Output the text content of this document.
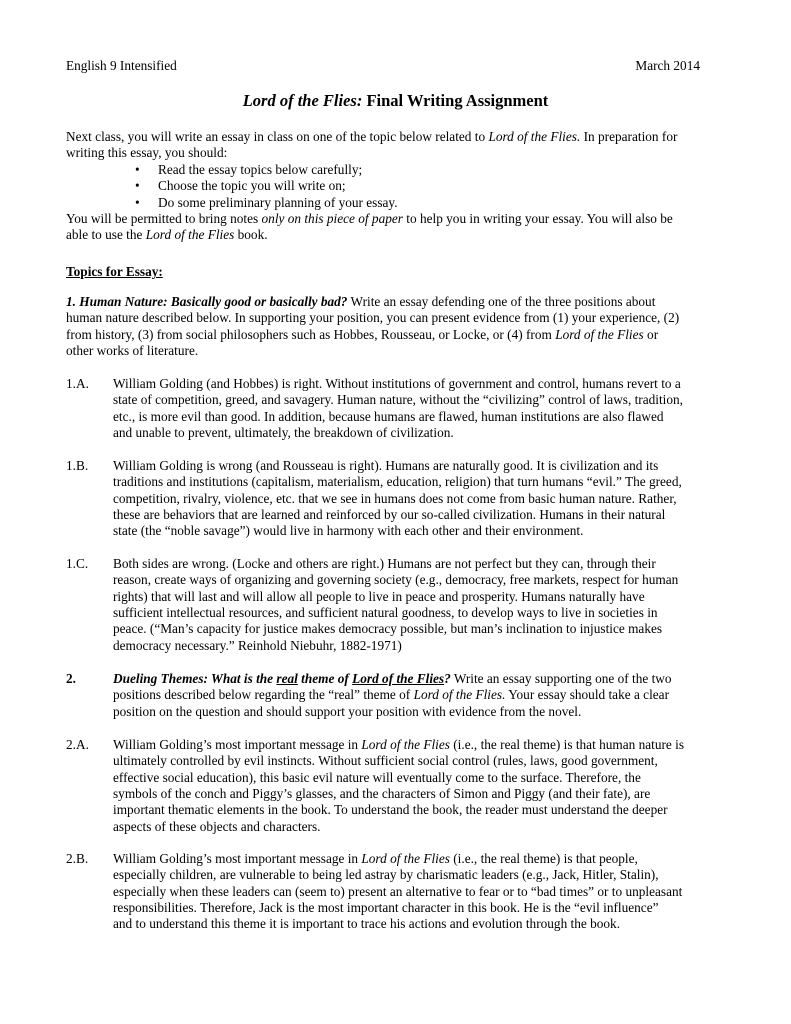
English 9 Intensified	March 2014
Lord of the Flies: Final Writing Assignment
Next class, you will write an essay in class on one of the topic below related to Lord of the Flies. In preparation for
writing this essay, you should:
• Read the essay topics below carefully;
• Choose the topic you will write on;
• Do some preliminary planning of your essay.
You will be permitted to bring notes only on this piece of paper to help you in writing your essay. You will also be
able to use the Lord of the Flies book.
Topics for Essay:
1. Human Nature: Basically good or basically bad? Write an essay defending one of the three positions about
human nature described below. In supporting your position, you can present evidence from (1) your experience, (2)
from history, (3) from social philosophers such as Hobbes, Rousseau, or Locke, or (4) from Lord of the Flies or
other works of literature.
1.A. William Golding (and Hobbes) is right. Without institutions of government and control, humans revert to a
state of competition, greed, and savagery. Human nature, without the “civilizing” control of laws, tradition,
etc., is more evil than good. In addition, because humans are flawed, human institutions are also flawed
and unable to prevent, ultimately, the breakdown of civilization.
1.B. William Golding is wrong (and Rousseau is right). Humans are naturally good. It is civilization and its
traditions and institutions (capitalism, materialism, education, religion) that turn humans “evil.” The greed,
competition, rivalry, violence, etc. that we see in humans does not come from basic human nature. Rather,
these are behaviors that are learned and reinforced by our so-called civilization. Humans in their natural
state (the “noble savage”) would live in harmony with each other and their environment.
1.C. Both sides are wrong. (Locke and others are right.) Humans are not perfect but they can, through their
reason, create ways of organizing and governing society (e.g., democracy, free markets, respect for human
rights) that will last and will allow all people to live in peace and prosperity. Humans naturally have
sufficient intellectual resources, and sufficient natural goodness, to develop ways to live in societies in
peace. (“Man’s capacity for justice makes democracy possible, but man’s inclination to injustice makes
democracy necessary.” Reinhold Niebuhr, 1882-1971)
2.	Dueling Themes: What is the real theme of Lord of the Flies? Write an essay supporting one of the two
positions described below regarding the “real” theme of Lord of the Flies. Your essay should take a clear
position on the question and should support your position with evidence from the novel.
2.A. William Golding’s most important message in Lord of the Flies (i.e., the real theme) is that human nature is
ultimately controlled by evil instincts. Without sufficient social control (rules, laws, good government,
effective social education), this basic evil nature will eventually come to the surface. Therefore, the
symbols of the conch and Piggy’s glasses, and the characters of Simon and Piggy (and their fate), are
important thematic elements in the book. To understand the book, the reader must understand the deeper
aspects of these objects and characters.
2.B. William Golding’s most important message in Lord of the Flies (i.e., the real theme) is that people,
especially children, are vulnerable to being led astray by charismatic leaders (e.g., Jack, Hitler, Stalin),
especially when these leaders can (seem to) present an alternative to fear or to “bad times” or to unpleasant
responsibilities. Therefore, Jack is the most important character in this book. He is the “evil influence”
and to understand this theme it is important to trace his actions and evolution through the book.
